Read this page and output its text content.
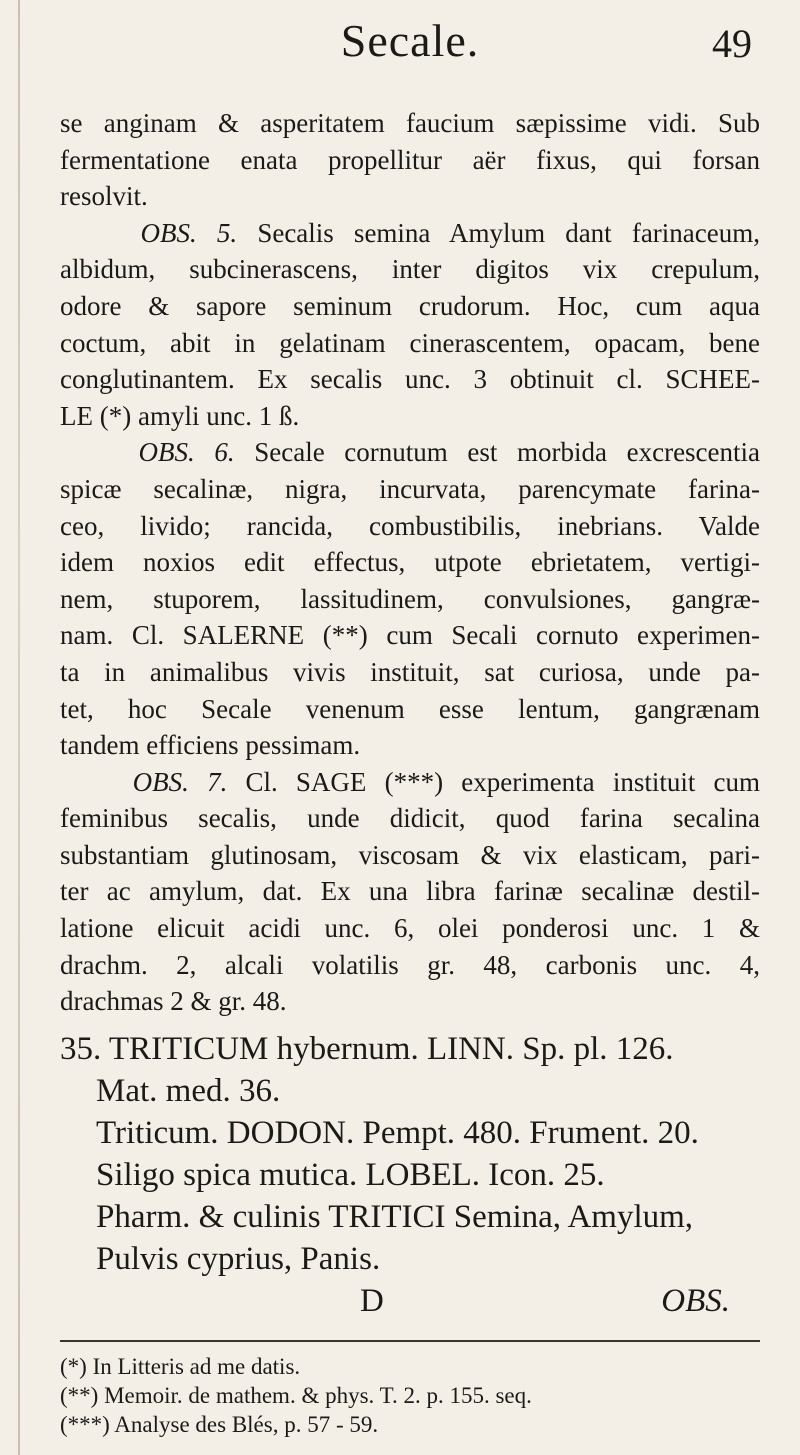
Secale.	49
se anginam & asperitatem faucium sæpissime vidi. Sub
fermentatione enata propellitur aër fixus, qui forsan
resolvit.
OBS. 5. Secalis semina Amylum dant farinaceum,
albidum, subcinerascens, inter digitos vix crepulum,
odore & sapore seminum crudorum. Hoc, cum aqua
coctum, abit in gelatinam cinerascentem, opacam, bene
conglutinantem. Ex secalis unc. 3 obtinuit cl. SCHEE-
LE (*) amyli unc. 1 ß.
OBS. 6. Secale cornutum est morbida excrescentia
spicæ secalinæ, nigra, incurvata, parencymate farina-
ceo, livido; rancida, combustibilis, inebrians. Valde
idem noxios edit effectus, utpote ebrietatem, vertigi-
nem, stuporem, lassitudinem, convulsiones, gangræ-
nam. Cl. SALERNE (**) cum Secali cornuto experimen-
ta in animalibus vivis instituit, sat curiosa, unde pa-
tet, hoc Secale venenum esse lentum, gangrænam
tandem efficiens pessimam.
OBS. 7. Cl. SAGE (***) experimenta instituit cum
feminibus secalis, unde didicit, quod farina secalina
substantiam glutinosam, viscosam & vix elasticam, pari-
ter ac amylum, dat. Ex una libra farinæ secalinæ destil-
latione elicuit acidi unc. 6, olei ponderosi unc. 1 &
drachm. 2, alcali volatilis gr. 48, carbonis unc. 4,
drachmas 2 & gr. 48.
35. TRITICUM hybernum. LINN. Sp. pl. 126.
Mat. med. 36.
Triticum. DODON. Pempt. 480. Frument. 20.
Siligo spica mutica. LOBEL. Icon. 25.
Pharm. & culinis TRITICI Semina, Amylum,
Pulvis cyprius, Panis.
D	OBS.
(*) In Litteris ad me datis.
(**) Memoir. de mathem. & phys. T. 2. p. 155. seq.
(***) Analyse des Blés, p. 57 - 59.
